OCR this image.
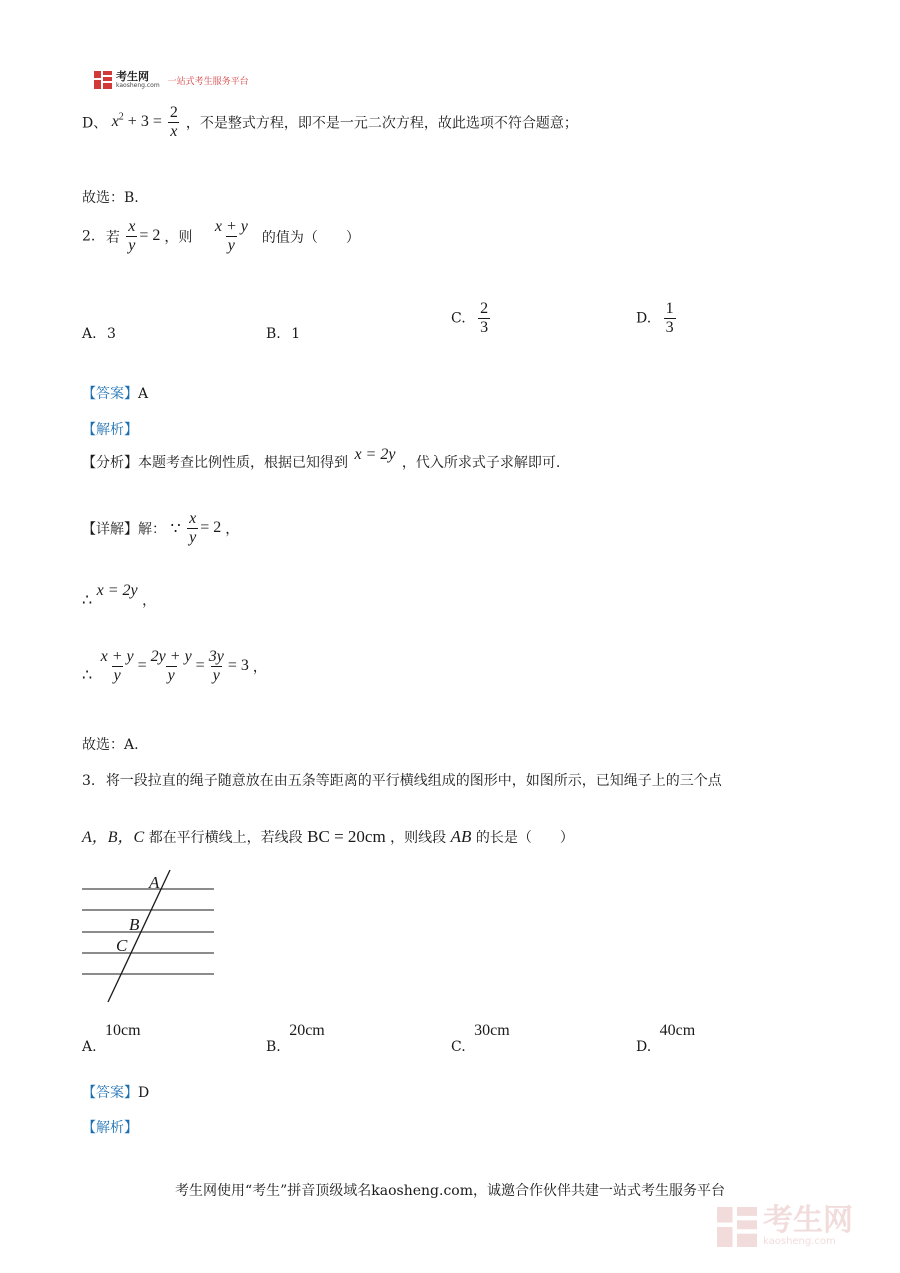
考生网
kaosheng.com 一站式考生服务平台
D、 $x^2 + 3 = \frac{2}{x}$ ，不是整式方程，即不是一元二次方程，故此选项不符合题意；
故选：B.
2. 若 $\frac{x}{y} = 2$ ，则 $\frac{x + y}{y}$ 的值为（　　）
A. 3	B. 1
C. $\frac{2}{3}$	D. $\frac{1}{3}$
【答案】A
【解析】
【分析】本题考查比例性质，根据已知得到 x = 2y ，代入所求式子求解即可.
【详解】解： ∵ $\frac{x}{y} = 2$ ，
∴ x = 2y ，
∴ $\frac{x + y}{y} = \frac{2y + y}{y} = \frac{3y}{y} = 3$ ，
故选：A.
3. 将一段拉直的绳子随意放在由五条等距离的平行横线组成的图形中，如图所示，已知绳子上的三个点
A，B，C 都在平行横线上，若线段 BC = 20cm ，则线段 AB 的长是（　　）
A
B
C
A. 10cm
B. 20cm
C. 30cm
D. 40cm
【答案】D
【解析】
考生网使用“考生”拼音顶级域名kaosheng.com，诚邀合作伙伴共建一站式考生服务平台
考生网
kaosheng.com
